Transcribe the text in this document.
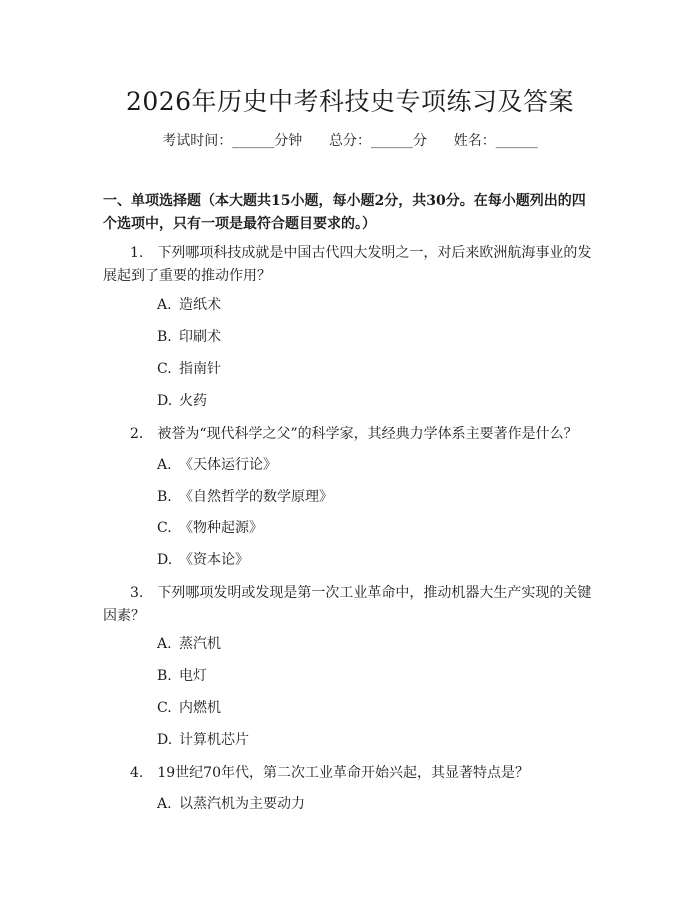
2026年历史中考科技史专项练习及答案
考试时间：______分钟      总分：______分      姓名：______
一、单项选择题（本大题共15小题，每小题2分，共30分。在每小题列出的四个选项中，只有一项是最符合题目要求的。）
1.　下列哪项科技成就是中国古代四大发明之一，对后来欧洲航海事业的发展起到了重要的推动作用？
A. 造纸术
B. 印刷术
C. 指南针
D. 火药
2.　被誉为“现代科学之父”的科学家，其经典力学体系主要著作是什么？
A. 《天体运行论》
B. 《自然哲学的数学原理》
C. 《物种起源》
D. 《资本论》
3.　下列哪项发明或发现是第一次工业革命中，推动机器大生产实现的关键因素？
A. 蒸汽机
B. 电灯
C. 内燃机
D. 计算机芯片
4.　19世纪70年代，第二次工业革命开始兴起，其显著特点是？
A. 以蒸汽机为主要动力
